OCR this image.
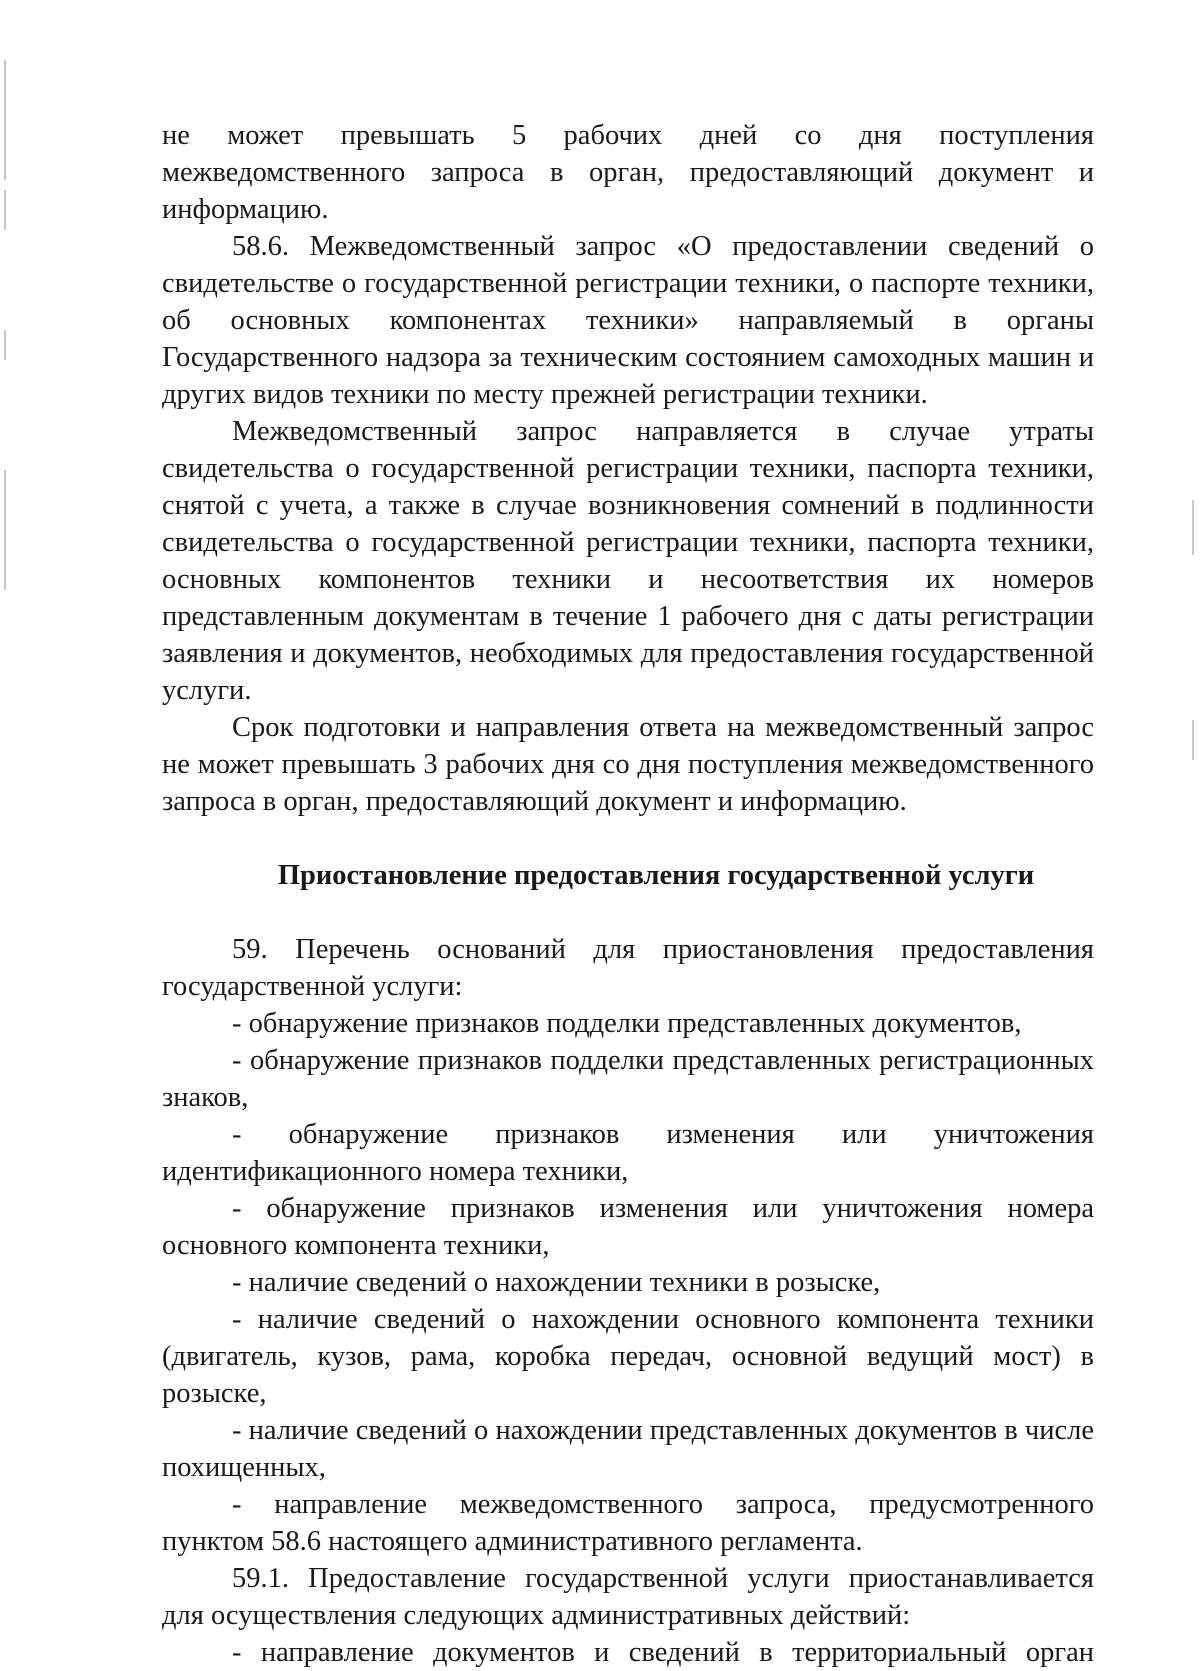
не может превышать 5 рабочих дней со дня поступления межведомственного запроса в орган, предоставляющий документ и информацию.

58.6. Межведомственный запрос «О предоставлении сведений о свидетельстве о государственной регистрации техники, о паспорте техники, об основных компонентах техники» направляемый в органы Государственного надзора за техническим состоянием самоходных машин и других видов техники по месту прежней регистрации техники.

Межведомственный запрос направляется в случае утраты свидетельства о государственной регистрации техники, паспорта техники, снятой с учета, а также в случае возникновения сомнений в подлинности свидетельства о государственной регистрации техники, паспорта техники, основных компонентов техники и несоответствия их номеров представленным документам в течение 1 рабочего дня с даты регистрации заявления и документов, необходимых для предоставления государственной услуги.

Срок подготовки и направления ответа на межведомственный запрос не может превышать 3 рабочих дня со дня поступления межведомственного запроса в орган, предоставляющий документ и информацию.

Приостановление предоставления государственной услуги

59. Перечень оснований для приостановления предоставления государственной услуги:

- обнаружение признаков подделки представленных документов,

- обнаружение признаков подделки представленных регистрационных знаков,

- обнаружение признаков изменения или уничтожения идентификационного номера техники,

- обнаружение признаков изменения или уничтожения номера основного компонента техники,

- наличие сведений о нахождении техники в розыске,

- наличие сведений о нахождении основного компонента техники (двигатель, кузов, рама, коробка передач, основной ведущий мост) в розыске,

- наличие сведений о нахождении представленных документов в числе похищенных,

- направление межведомственного запроса, предусмотренного пунктом 58.6 настоящего административного регламента.

59.1. Предоставление государственной услуги приостанавливается для осуществления следующих административных действий:

- направление документов и сведений в территориальный орган
